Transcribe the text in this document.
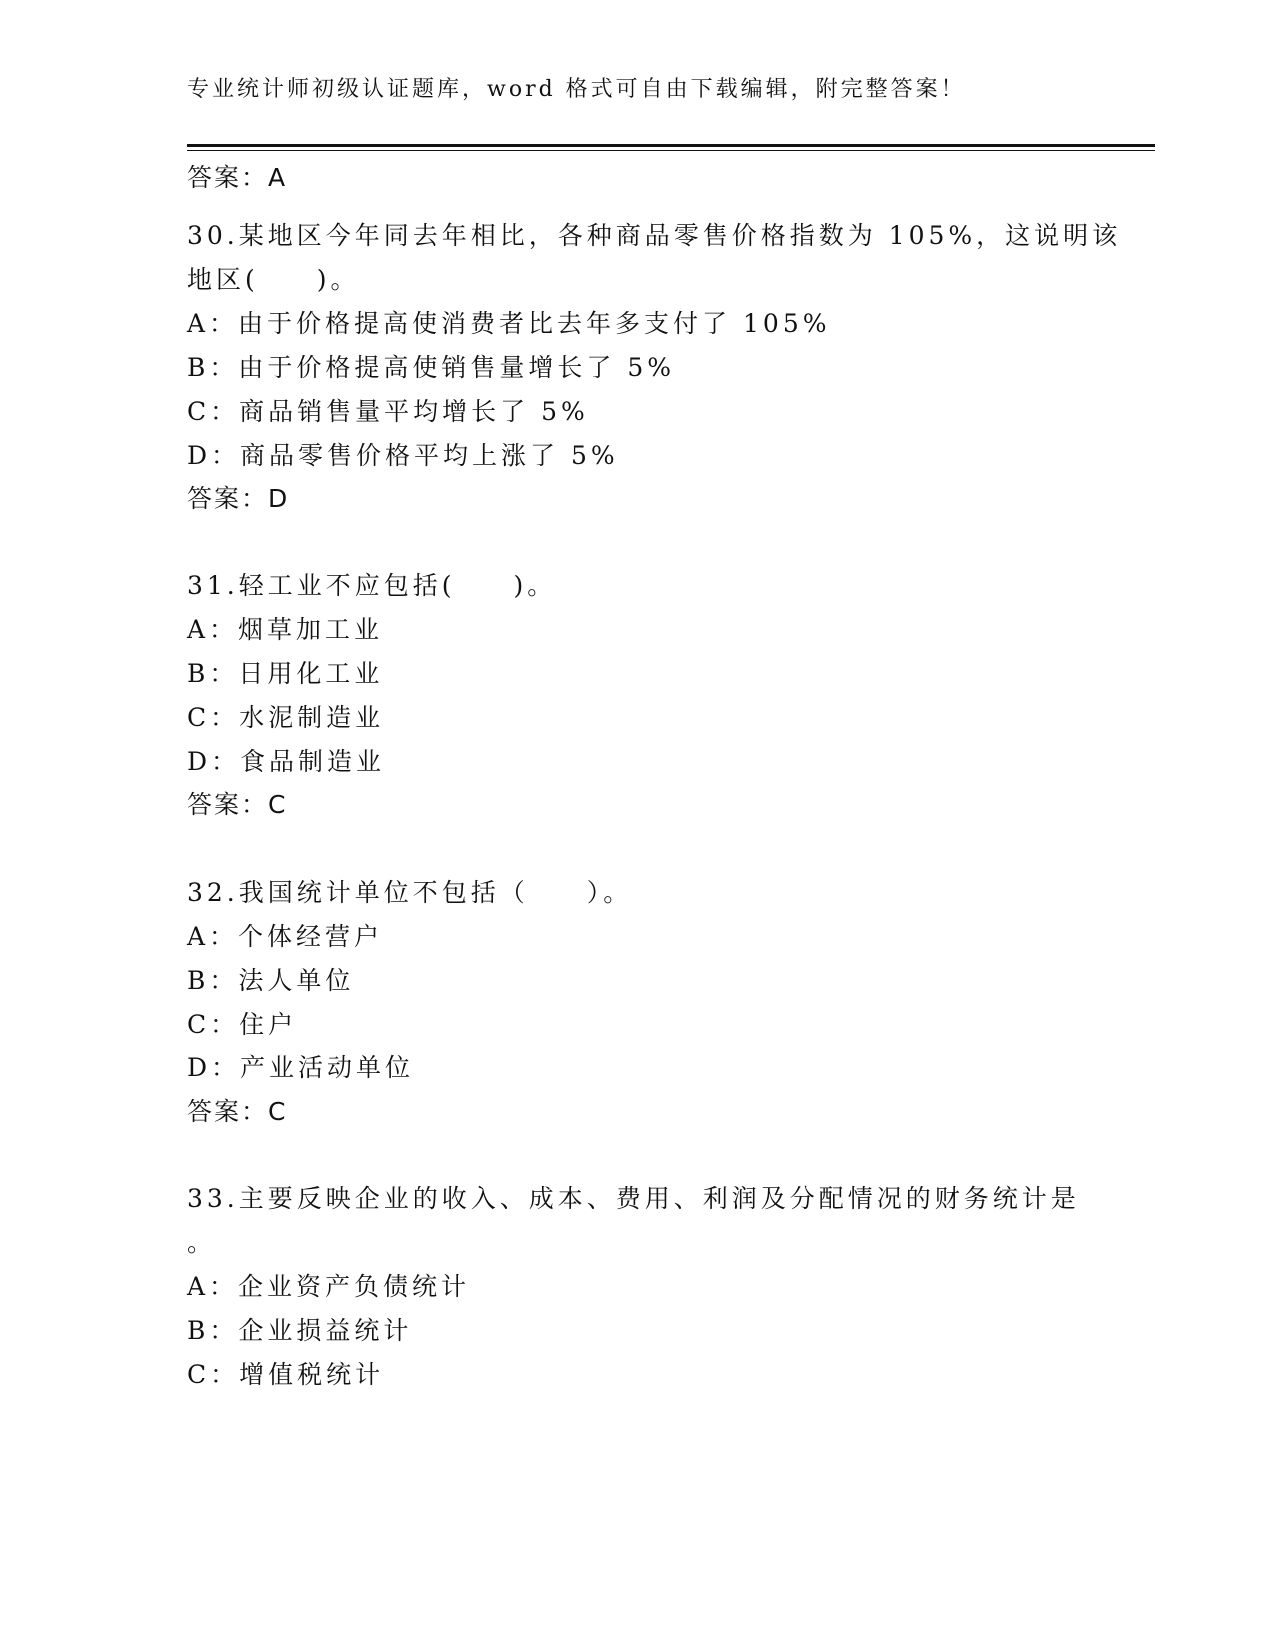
专业统计师初级认证题库，word 格式可自由下载编辑，附完整答案！
答案：A
30.某地区今年同去年相比，各种商品零售价格指数为 105%，这说明该
地区(　　)。
A：由于价格提高使消费者比去年多支付了 105%
B：由于价格提高使销售量增长了 5%
C：商品销售量平均增长了 5%
D：商品零售价格平均上涨了 5%
答案：D
31.轻工业不应包括(　　)。
A：烟草加工业
B：日用化工业
C：水泥制造业
D：食品制造业
答案：C
32.我国统计单位不包括（　　）。
A：个体经营户
B：法人单位
C：住户
D：产业活动单位
答案：C
33.主要反映企业的收入、成本、费用、利润及分配情况的财务统计是
。
A：企业资产负债统计
B：企业损益统计
C：增值税统计
